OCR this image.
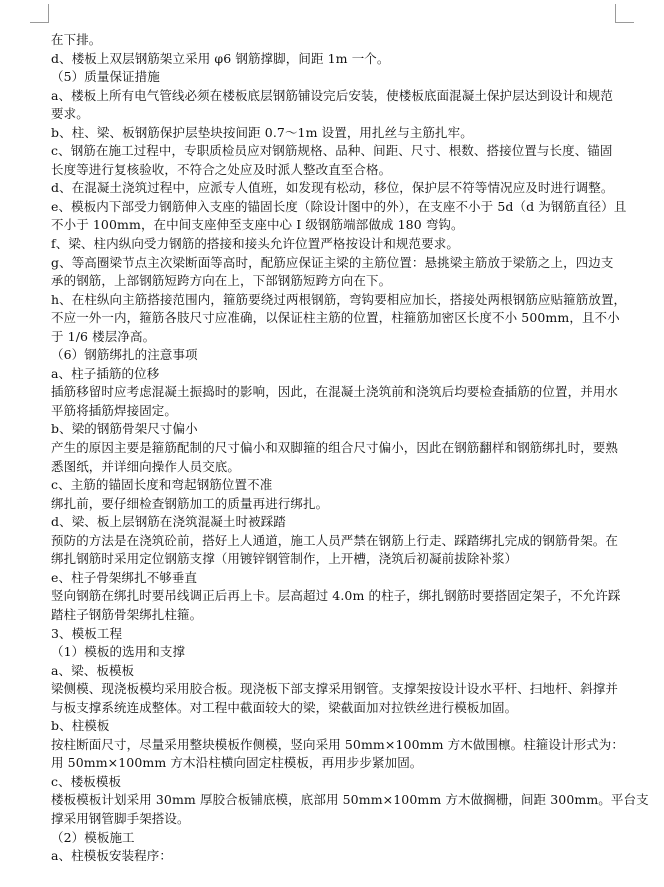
在下排。

d、楼板上双层钢筋架立采用 φ6 钢筋撑脚，间距 1m 一个。

（5）质量保证措施

a、楼板上所有电气管线必须在楼板底层钢筋铺设完后安装，使楼板底面混凝土保护层达到设计和规范

要求。

b、柱、梁、板钢筋保护层垫块按间距 0.7～1m 设置，用扎丝与主筋扎牢。

c、钢筋在施工过程中，专职质检员应对钢筋规格、品种、间距、尺寸、根数、搭接位置与长度、锚固

长度等进行复核验收，不符合之处应及时派人整改直至合格。

d、在混凝土浇筑过程中，应派专人值班，如发现有松动，移位，保护层不符等情况应及时进行调整。

e、模板内下部受力钢筋伸入支座的锚固长度（除设计图中的外），在支座不小于 5d（d 为钢筋直径）且

不小于 100mm，在中间支座伸至支座中心 I 级钢筋端部做成 180 弯钩。

f、梁、柱内纵向受力钢筋的搭接和接头允许位置严格按设计和规范要求。

g、等高圈梁节点主次梁断面等高时，配筋应保证主梁的主筋位置：悬挑梁主筋放于梁筋之上，四边支

承的钢筋，上部钢筋短跨方向在上，下部钢筋短跨方向在下。

h、在柱纵向主筋搭接范围内，箍筋要绕过两根钢筋，弯钩要相应加长，搭接处两根钢筋应贴箍筋放置，

不应一外一内，箍筋各肢尺寸应准确，以保证柱主筋的位置，柱箍筋加密区长度不小 500mm，且不小

于 1/6 楼层净高。

（6）钢筋绑扎的注意事项

a、柱子插筋的位移

插筋移留时应考虑混凝土振捣时的影响，因此，在混凝土浇筑前和浇筑后均要检查插筋的位置，并用水

平筋将插筋焊接固定。

b、梁的钢筋骨架尺寸偏小

产生的原因主要是箍筋配制的尺寸偏小和双脚箍的组合尺寸偏小，因此在钢筋翻样和钢筋绑扎时，要熟

悉图纸，并详细向操作人员交底。

c、主筋的锚固长度和弯起钢筋位置不准

绑扎前，要仔细检查钢筋加工的质量再进行绑扎。

d、梁、板上层钢筋在浇筑混凝土时被踩踏

预防的方法是在浇筑砼前，搭好上人通道，施工人员严禁在钢筋上行走、踩踏绑扎完成的钢筋骨架。在

绑扎钢筋时采用定位钢筋支撑（用镀锌钢管制作，上开槽，浇筑后初凝前拔除补浆）

e、柱子骨架绑扎不够垂直

竖向钢筋在绑扎时要吊线调正后再上卡。层高超过 4.0m 的柱子，绑扎钢筋时要搭固定架子，不允许踩

踏柱子钢筋骨架绑扎柱箍。

3、模板工程

（1）模板的选用和支撑

a、梁、板模板

梁侧模、现浇板模均采用胶合板。现浇板下部支撑采用钢管。支撑架按设计设水平杆、扫地杆、斜撑并

与板支撑系统连成整体。对工程中截面较大的梁，梁截面加对拉铁丝进行模板加固。

b、柱模板

按柱断面尺寸，尽量采用整块模板作侧模，竖向采用 50mm×100mm 方木做围檩。柱箍设计形式为：

用 50mm×100mm 方木沿柱横向固定柱模板，再用步步紧加固。

c、楼板模板

楼板模板计划采用 30mm 厚胶合板铺底模，底部用 50mm×100mm 方木做搁栅，间距 300mm。平台支

撑采用钢管脚手架搭设。

（2）模板施工

a、柱模板安装程序：
